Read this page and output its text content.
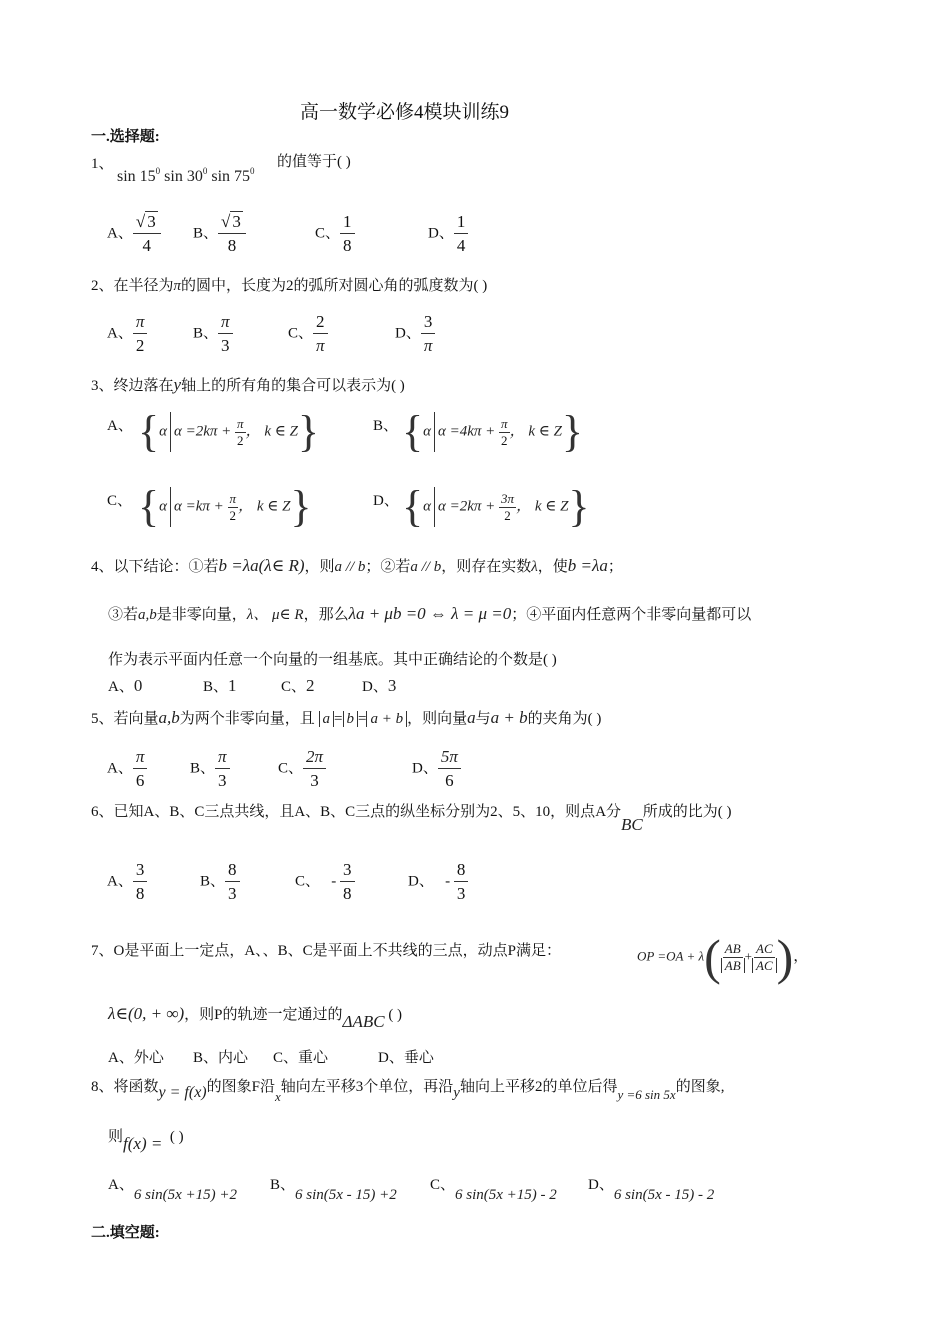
高一数学必修4模块训练9
一.选择题:
1、
$\sin 15^0$ $\sin 30^0$ $\sin 75^0$
的值等于( )
A、 $\frac{√ 3}{4}$ B、 $\frac{√ 3}{8}$	C、 $\frac{1}{8}$	D、 $\frac{1}{4}$
2、在半径为π的圆中，长度为2的弧所对圆心角的弧度数为( )
A、 $\frac{\pi}{2}$	B、 $\frac{\pi}{3}$	C、 $\frac{2}{\pi}$	D、 $\frac{3}{\pi}$
3、终边落在y轴上的所有角的集合可以表示为( )
A、 {α $\alpha =2k\pi + \frac{\pi}{2}$ ， k ∈ Z}	B、 {α $\alpha =4k\pi + \frac{\pi}{2}$ ， k ∈ Z}
C、 {α $\alpha =k\pi + \frac{\pi}{2}$ ， k ∈ Z}	D、 {α $\alpha =2k\pi + \frac{3\pi}{2}$ ， k ∈ Z}
4、以下结论：①若b =λa(λ∈ R)，则a // b；②若a // b，则存在实数λ，使b =λa；
③若a,b是非零向量，λ、 μ∈ R，那么λa + μb =0 ⇔ λ = μ =0；④平面内任意两个非零向量都可以
作为表示平面内任意一个向量的一组基底。其中正确结论的个数是( )
A、0	B、1	C、2	D、3
5、若向量a,b为两个非零向量，且 a = b = a + b ，则向量a与a + b的夹角为( )
A、 $\frac{\pi}{6}$	B、 $\frac{\pi}{3}$	C、 $\frac{2\pi}{3}$	D、 $\frac{5\pi}{6}$
6、已知A、B、C三点共线，且A、B、C三点的纵坐标分别为2、5、10，则点A分BC所成的比为( )
A、 $\frac{3}{8}$	B、 $\frac{8}{3}$	C、 - $\frac{3}{8}$	D、 - $\frac{8}{3}$
7、O是平面上一定点，A、、B、C是平面上不共线的三点，动点P满足：	OP $=OA + \lambda( \frac{AB}{AB} + \frac{AC}{AC}$ )，
λ∈(0, + ∞)，则P的轨迹一定通过的ΔABC ( )
A、外心 B、内心 C、重心	D、垂心
8、将函数y = f(x)的图象F沿x轴向左平移3个单位，再沿y轴向上平移2的单位后得y =6 sin 5x的图象,
则f(x) = ( )
A、6 sin(5x +15) +2
B、6 sin(5x - 15) +2
C、6 sin(5x +15) - 2
D、6 sin(5x - 15) - 2
二.填空题:
